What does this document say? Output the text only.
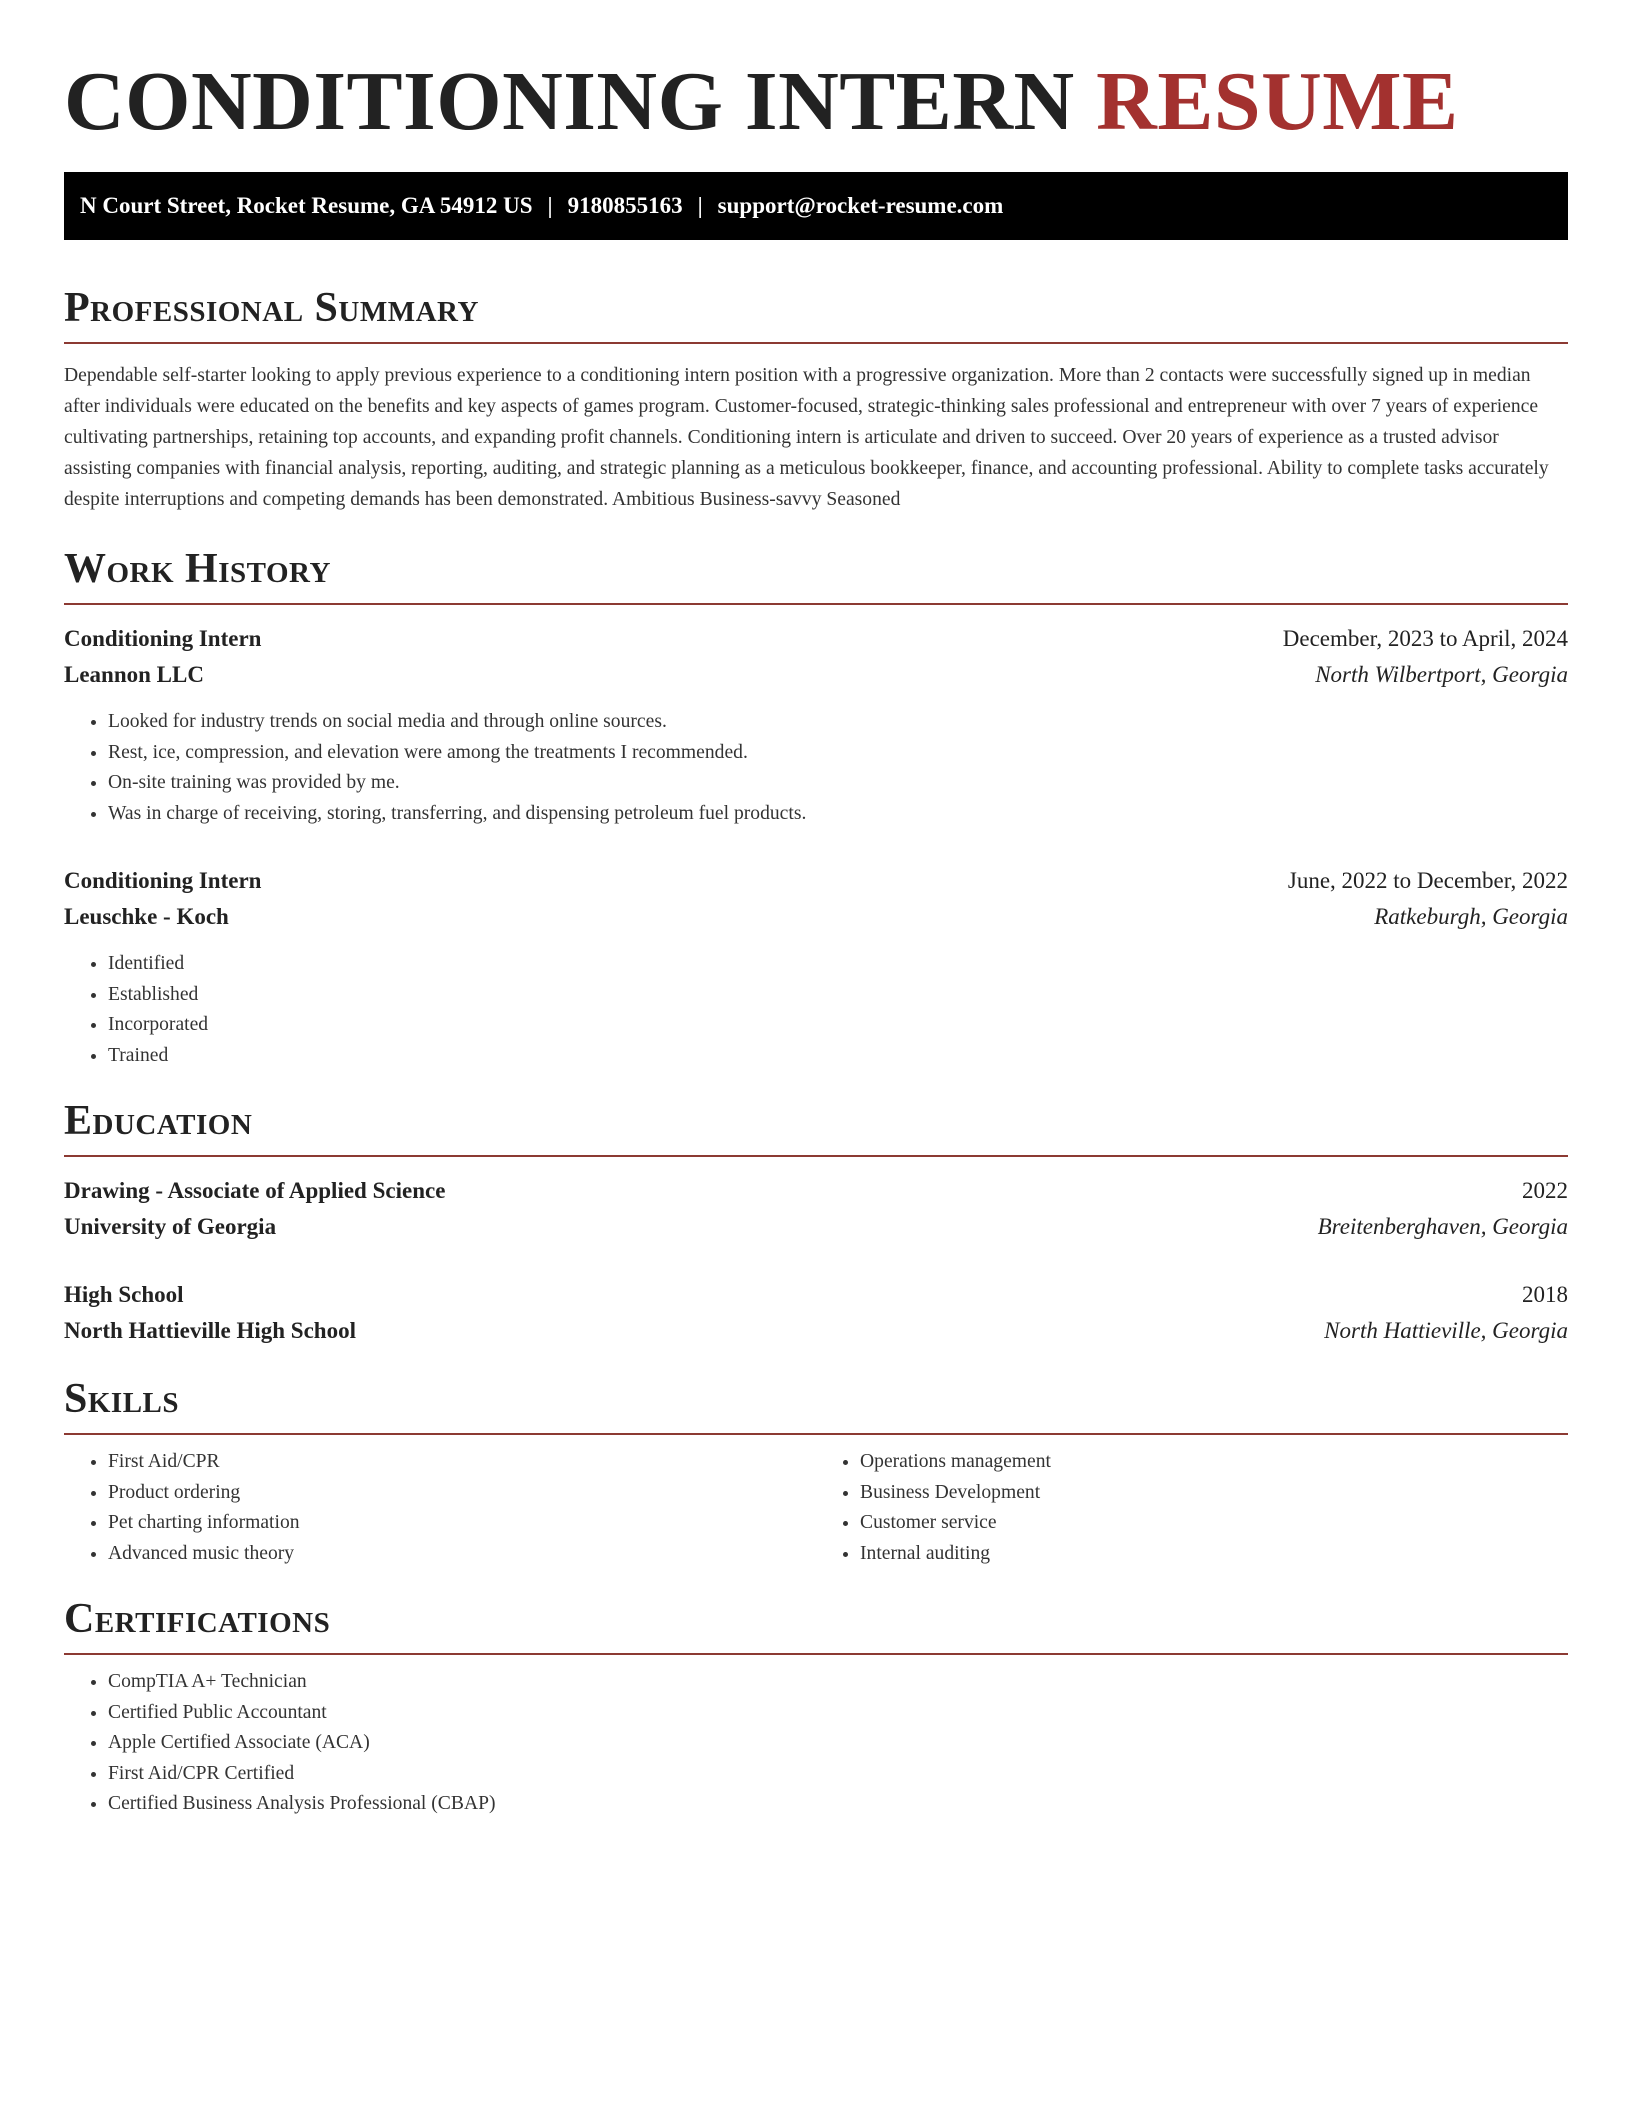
CONDITIONING INTERN RESUME
N Court Street, Rocket Resume, GA 54912 US | 9180855163 | support@rocket-resume.com
Professional Summary

Dependable self-starter looking to apply previous experience to a conditioning intern position with a progressive organization. More than 2 contacts were successfully signed up in median after individuals were educated on the benefits and key aspects of games program. Customer-focused, strategic-thinking sales professional and entrepreneur with over 7 years of experience cultivating partnerships, retaining top accounts, and expanding profit channels. Conditioning intern is articulate and driven to succeed. Over 20 years of experience as a trusted advisor assisting companies with financial analysis, reporting, auditing, and strategic planning as a meticulous bookkeeper, finance, and accounting professional. Ability to complete tasks accurately despite interruptions and competing demands has been demonstrated. Ambitious Business-savvy Seasoned

Work History
Conditioning Intern	December, 2023 to April, 2024
Leannon LLC	North Wilbertport, Georgia
• Looked for industry trends on social media and through online sources.
• Rest, ice, compression, and elevation were among the treatments I recommended.
• On-site training was provided by me.
• Was in charge of receiving, storing, transferring, and dispensing petroleum fuel products.
Conditioning Intern	June, 2022 to December, 2022
Leuschke - Koch	Ratkeburgh, Georgia
• Identified
• Established
• Incorporated
• Trained
Education
Drawing - Associate of Applied Science	2022
University of Georgia	Breitenberghaven, Georgia
High School	2018
North Hattieville High School	North Hattieville, Georgia
Skills
• First Aid/CPR
• Product ordering
• Pet charting information
• Advanced music theory
• Operations management
• Business Development
• Customer service
• Internal auditing
Certifications
• CompTIA A+ Technician
• Certified Public Accountant
• Apple Certified Associate (ACA)
• First Aid/CPR Certified
• Certified Business Analysis Professional (CBAP)
